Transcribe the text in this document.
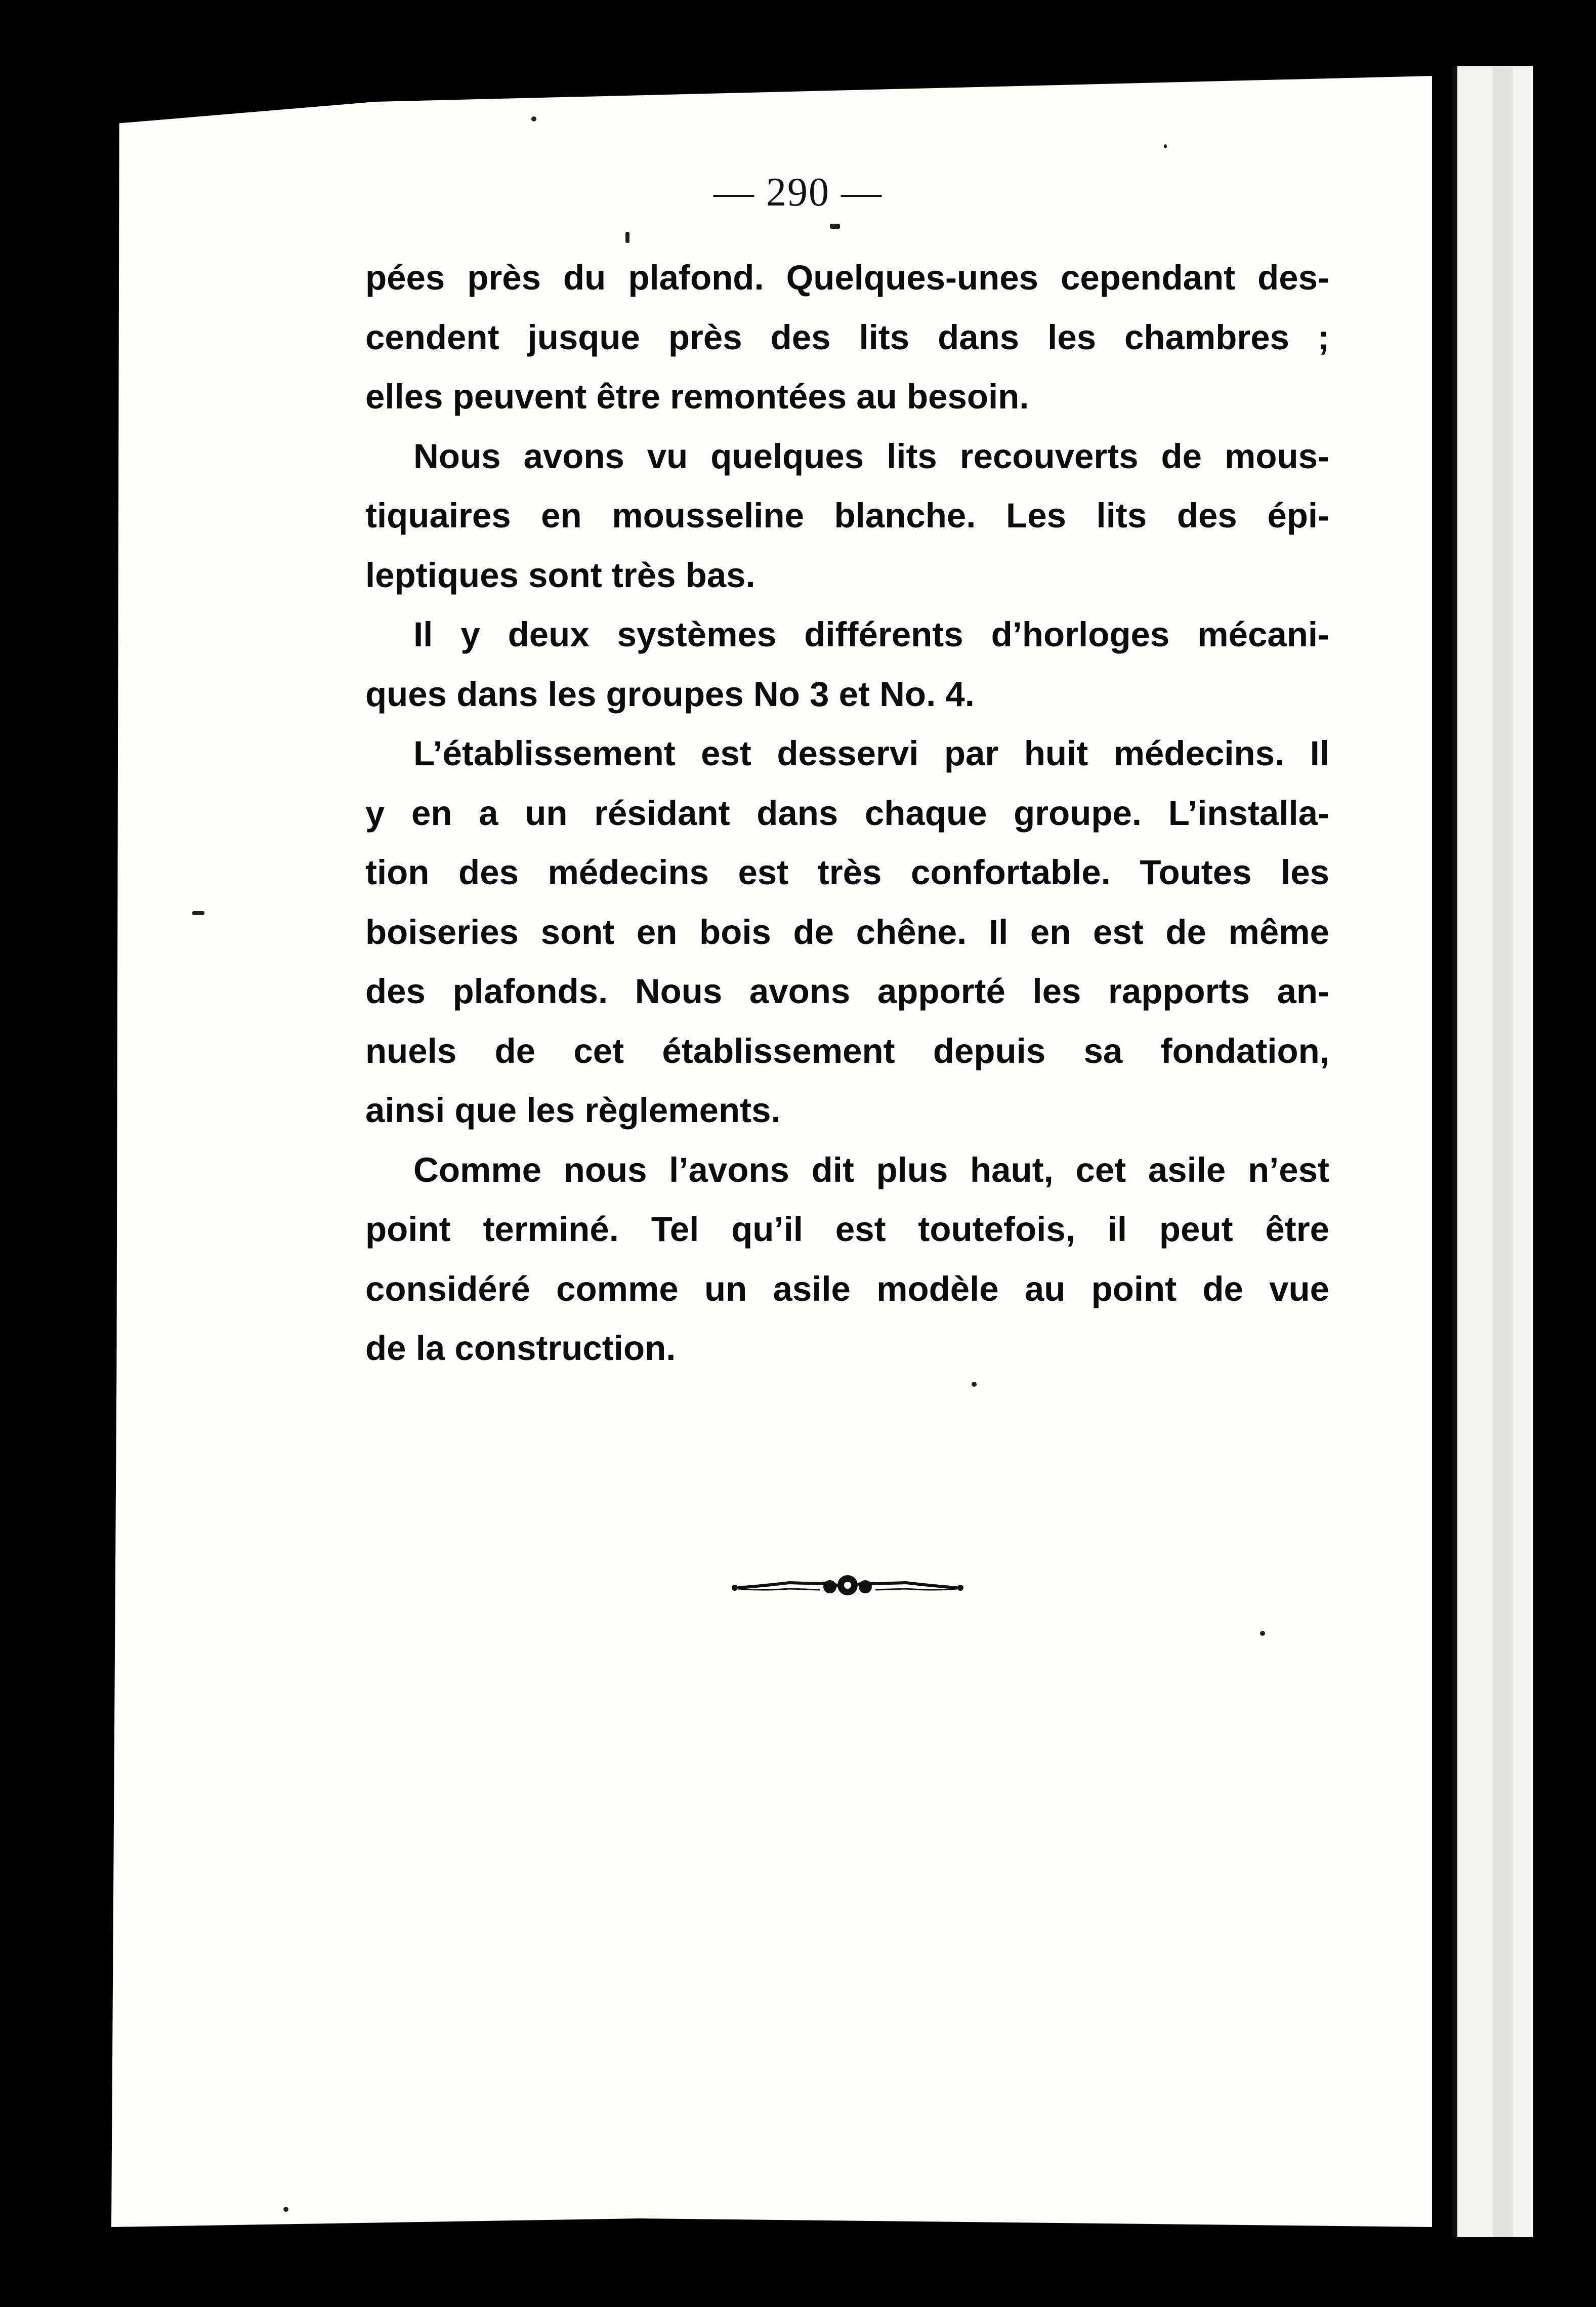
— 290 —
pées près du plafond. Quelques-unes cependant des-
cendent jusque près des lits dans les chambres ;
elles peuvent être remontées au besoin.
Nous avons vu quelques lits recouverts de mous-
tiquaires en mousseline blanche. Les lits des épi-
leptiques sont très bas.
Il y deux systèmes différents d’horloges mécani-
ques dans les groupes No 3 et No. 4.
L’établissement est desservi par huit médecins. Il
y en a un résidant dans chaque groupe. L’installa-
tion des médecins est très confortable. Toutes les
boiseries sont en bois de chêne. Il en est de même
des plafonds. Nous avons apporté les rapports an-
nuels de cet établissement depuis sa fondation,
ainsi que les règlements.
Comme nous l’avons dit plus haut, cet asile n’est
point terminé. Tel qu’il est toutefois, il peut être
considéré comme un asile modèle au point de vue
de la construction.
